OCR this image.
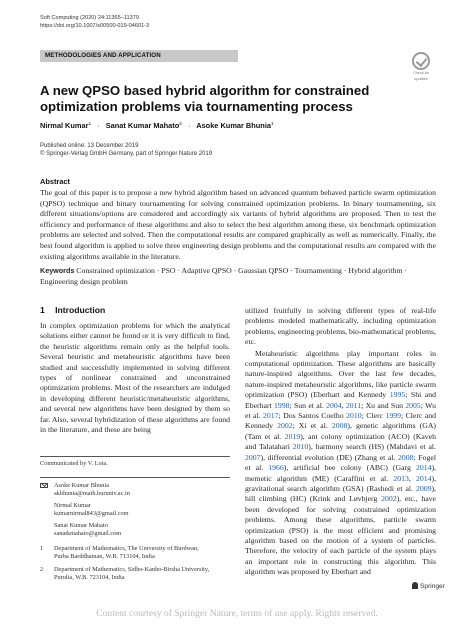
Soft Computing (2020) 24:11365–11379
https://doi.org/10.1007/s00500-019-04601-3
METHODOLOGIES AND APPLICATION
Check for
updates
A new QPSO based hybrid algorithm for constrained optimization problems via tournamenting process
Nirmal Kumar$^1$ · Sanat Kumar Mahato$^2$ · Asoke Kumar Bhunia$^1$
Published online: 13 December 2019
© Springer-Verlag GmbH Germany, part of Springer Nature 2019
Abstract
The goal of this paper is to propose a new hybrid algorithm based on advanced quantum behaved particle swarm optimization (QPSO) technique and binary tournamenting for solving constrained optimization problems. In binary tournamenting, six different situations/options are considered and accordingly six variants of hybrid algorithms are proposed. Then to test the efficiency and performance of these algorithms and also to select the best algorithm among these, six benchmark optimization problems are selected and solved. Then the computational results are compared graphically as well as numerically. Finally, the best found algorithm is applied to solve three engineering design problems and the computational results are compared with the existing algorithms available in the literature.
Keywords Constrained optimization · PSO · Adaptive QPSO · Gaussian QPSO · Tournamenting · Hybrid algorithm · Engineering design problem
1 Introduction

In complex optimization problems for which the analytical solutions either cannot be found or it is very difficult to find, the heuristic algorithms remain only as the helpful tools. Several heuristic and metaheuristic algorithms have been studied and successfully implemented in solving different types of nonlinear constrained and unconstrained optimization problems. Most of the researchers are indulged in developing different heuristic/metaheuristic algorithms, and several new algorithms have been designed by them so far. Also, several hybridization of these algorithms are found in the literature, and these are being

utilized fruitfully in solving different types of real-life problems modeled mathematically, including optimization problems, engineering problems, bio-mathematical problems, etc.

Metaheuristic algorithms play important roles in computational optimization. These algorithms are basically nature-inspired algorithms. Over the last few decades, nature-inspired metaheuristic algorithms, like particle swarm optimization (PSO) (Eberhart and Kennedy 1995; Shi and Eberhart 1998; Sun et al. 2004, 2011; Xu and Sun 2005; Wu et al. 2017; Dos Santos Coelho 2010; Clerc 1999; Clerc and Kennedy 2002; Xi et al. 2008), genetic algorithms (GA) (Tam et al. 2019), ant colony optimization (ACO) (Kaveh and Talatahari 2010), harmony search (HS) (Mahdavi et al. 2007), differential evolution (DE) (Zhang et al. 2008; Fogel et al. 1966), artificial bee colony (ABC) (Garg 2014), memetic algorithm (ME) (Caraffini et al. 2013, 2014), gravitational search algorithm (GSA) (Rashedi et al. 2009), hill climbing (HC) (Krink and Løvbjerg 2002), etc., have been developed for solving constrained optimization problems. Among these algorithms, particle swarm optimization (PSO) is the most efficient and promising algorithm based on the motion of a system of particles. Therefore, the velocity of each particle of the system plays an important role in constructing this algorithm. This algorithm was proposed by Eberhart and

Communicated by V. Loia.
Asoke Kumar Bhunia
akbhunia@math.buruniv.ac.in
Nirmal Kumar
kumarnirmal843@gmail.com
Sanat Kumar Mahato
sanatkmahato@gmail.com
1	Department of Mathematics, The University of Burdwan,
Purba Barddhaman, W.B. 713104, India
2	Department of Mathematics, Sidho-Kanho-Birsha University,
Purulia, W.B. 723104, India
Springer
Content courtesy of Springer Nature, terms of use apply. Rights reserved.
